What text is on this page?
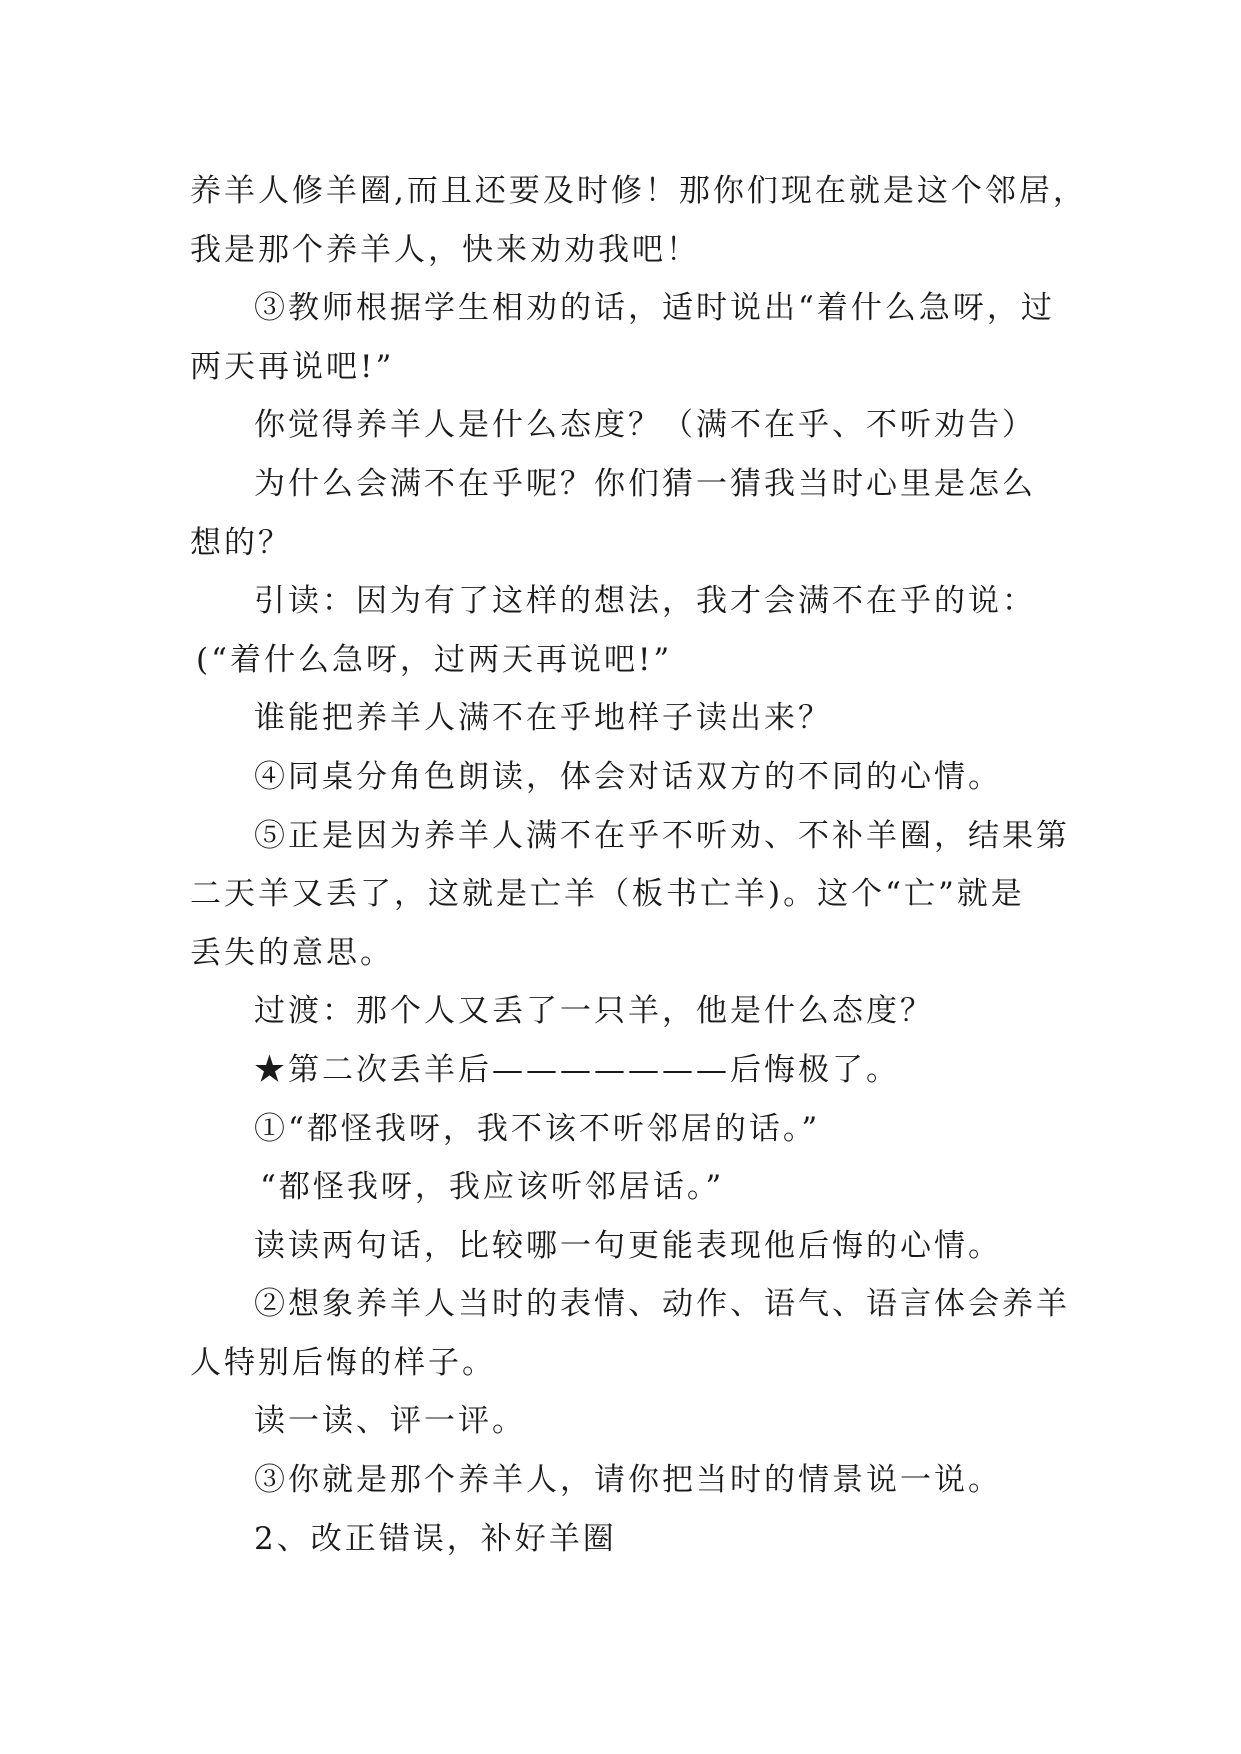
养羊人修羊圈,而且还要及时修！那你们现在就是这个邻居，
我是那个养羊人，快来劝劝我吧！
③教师根据学生相劝的话，适时说出“着什么急呀，过
两天再说吧!”
你觉得养羊人是什么态度？（满不在乎、不听劝告）
为什么会满不在乎呢？你们猜一猜我当时心里是怎么
想的？
引读：因为有了这样的想法，我才会满不在乎的说：
(“着什么急呀，过两天再说吧!”
谁能把养羊人满不在乎地样子读出来？
④同桌分角色朗读，体会对话双方的不同的心情。
⑤正是因为养羊人满不在乎不听劝、不补羊圈，结果第
二天羊又丢了，这就是亡羊（板书亡羊)。这个“亡”就是
丢失的意思。
过渡：那个人又丢了一只羊，他是什么态度？
★第二次丢羊后———————后悔极了。
①“都怪我呀，我不该不听邻居的话。”
“都怪我呀，我应该听邻居话。”
读读两句话，比较哪一句更能表现他后悔的心情。
②想象养羊人当时的表情、动作、语气、语言体会养羊
人特别后悔的样子。
读一读、评一评。
③你就是那个养羊人，请你把当时的情景说一说。
2、改正错误，补好羊圈
